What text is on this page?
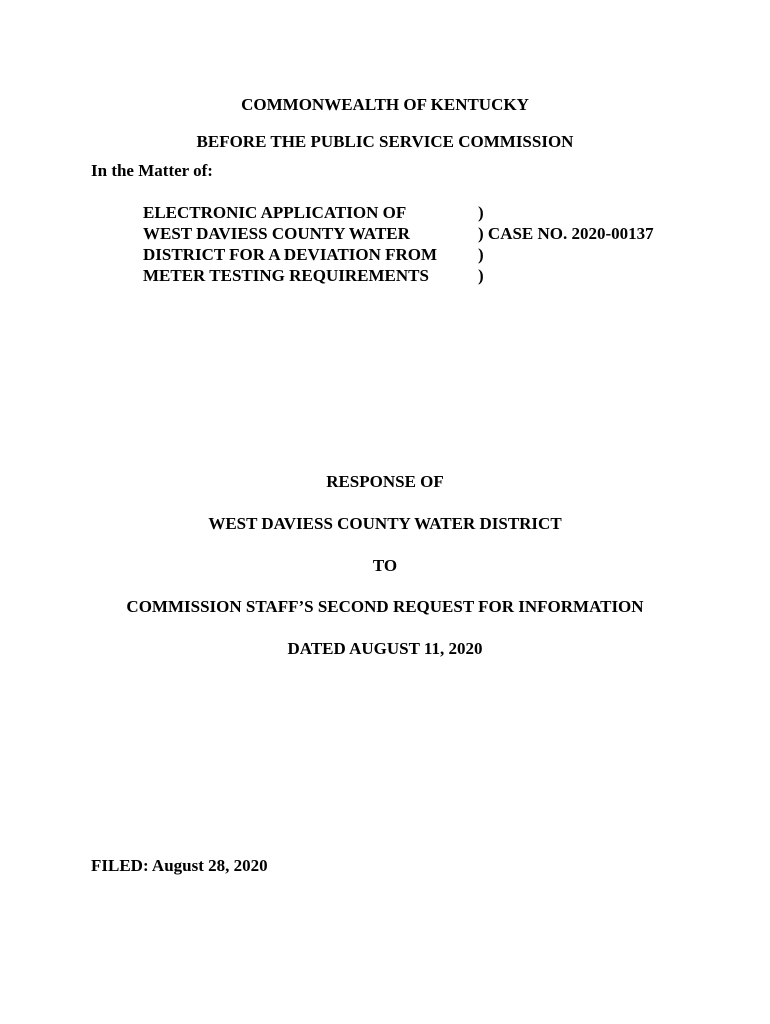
COMMONWEALTH OF KENTUCKY
BEFORE THE PUBLIC SERVICE COMMISSION
In the Matter of:
ELECTRONIC APPLICATION OF	)
WEST DAVIESS COUNTY WATER	) CASE NO. 2020-00137
DISTRICT FOR A DEVIATION FROM )
METER TESTING REQUIREMENTS	)
RESPONSE OF
WEST DAVIESS COUNTY WATER DISTRICT
TO
COMMISSION STAFF’S SECOND REQUEST FOR INFORMATION
DATED AUGUST 11, 2020
FILED: August 28, 2020
